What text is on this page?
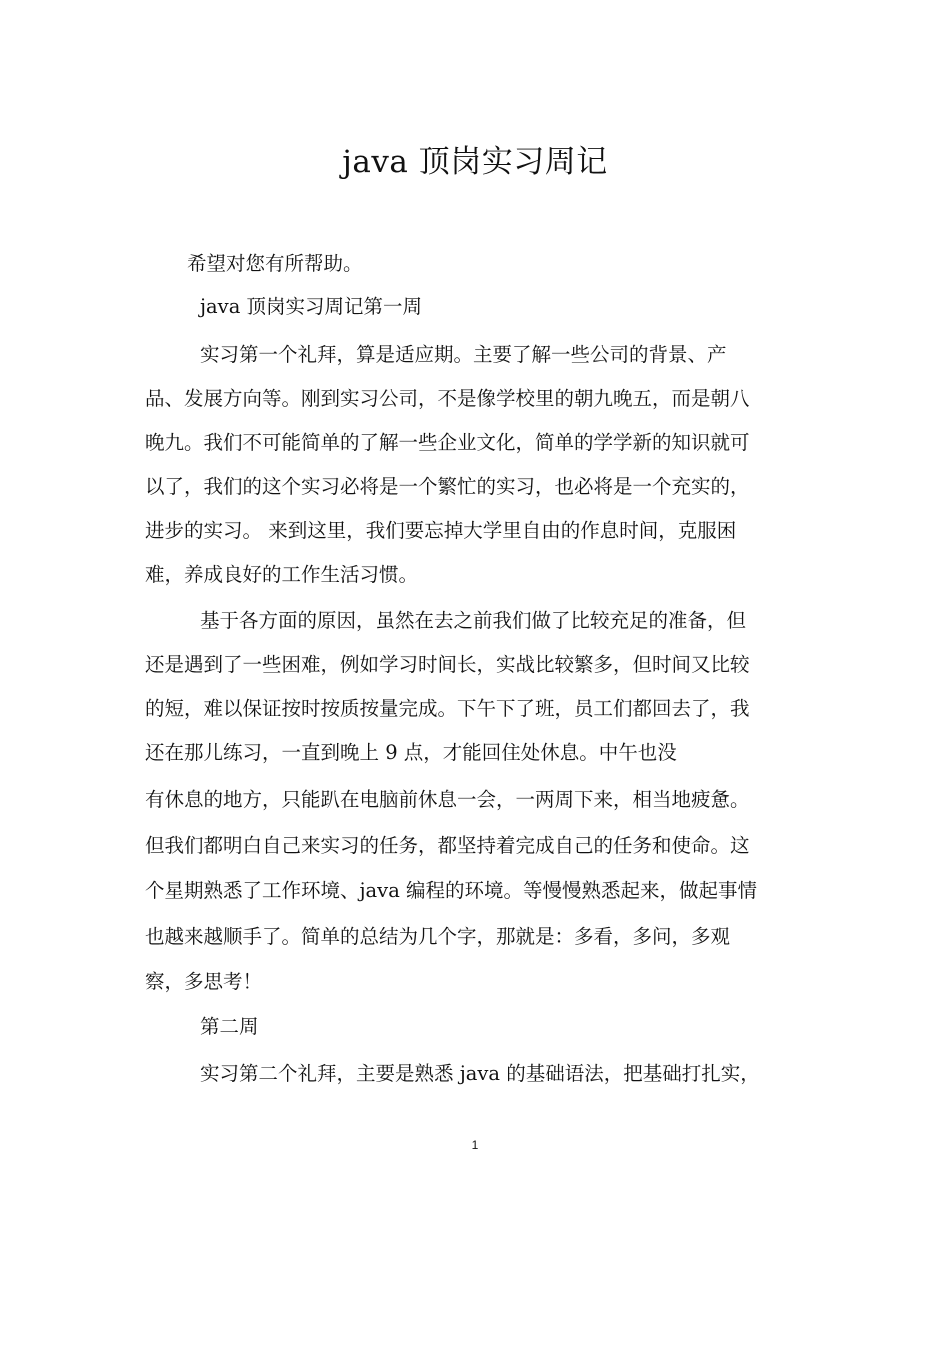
java 顶岗实习周记
希望对您有所帮助。
java 顶岗实习周记第一周
实习第一个礼拜，算是适应期。主要了解一些公司的背景、产
品、发展方向等。刚到实习公司，不是像学校里的朝九晚五，而是朝八
晚九。我们不可能简单的了解一些企业文化，简单的学学新的知识就可
以了，我们的这个实习必将是一个繁忙的实习，也必将是一个充实的，
进步的实习。 来到这里，我们要忘掉大学里自由的作息时间，克服困
难，养成良好的工作生活习惯。
基于各方面的原因，虽然在去之前我们做了比较充足的准备，但
还是遇到了一些困难，例如学习时间长，实战比较繁多，但时间又比较
的短，难以保证按时按质按量完成。下午下了班，员工们都回去了，我
还在那儿练习，一直到晚上 9 点，才能回住处休息。中午也没
有休息的地方，只能趴在电脑前休息一会，一两周下来，相当地疲惫。
但我们都明白自己来实习的任务，都坚持着完成自己的任务和使命。这
个星期熟悉了工作环境、java 编程的环境。等慢慢熟悉起来，做起事情
也越来越顺手了。简单的总结为几个字，那就是：多看，多问，多观
察，多思考！
第二周
实习第二个礼拜，主要是熟悉 java 的基础语法，把基础打扎实，
1
